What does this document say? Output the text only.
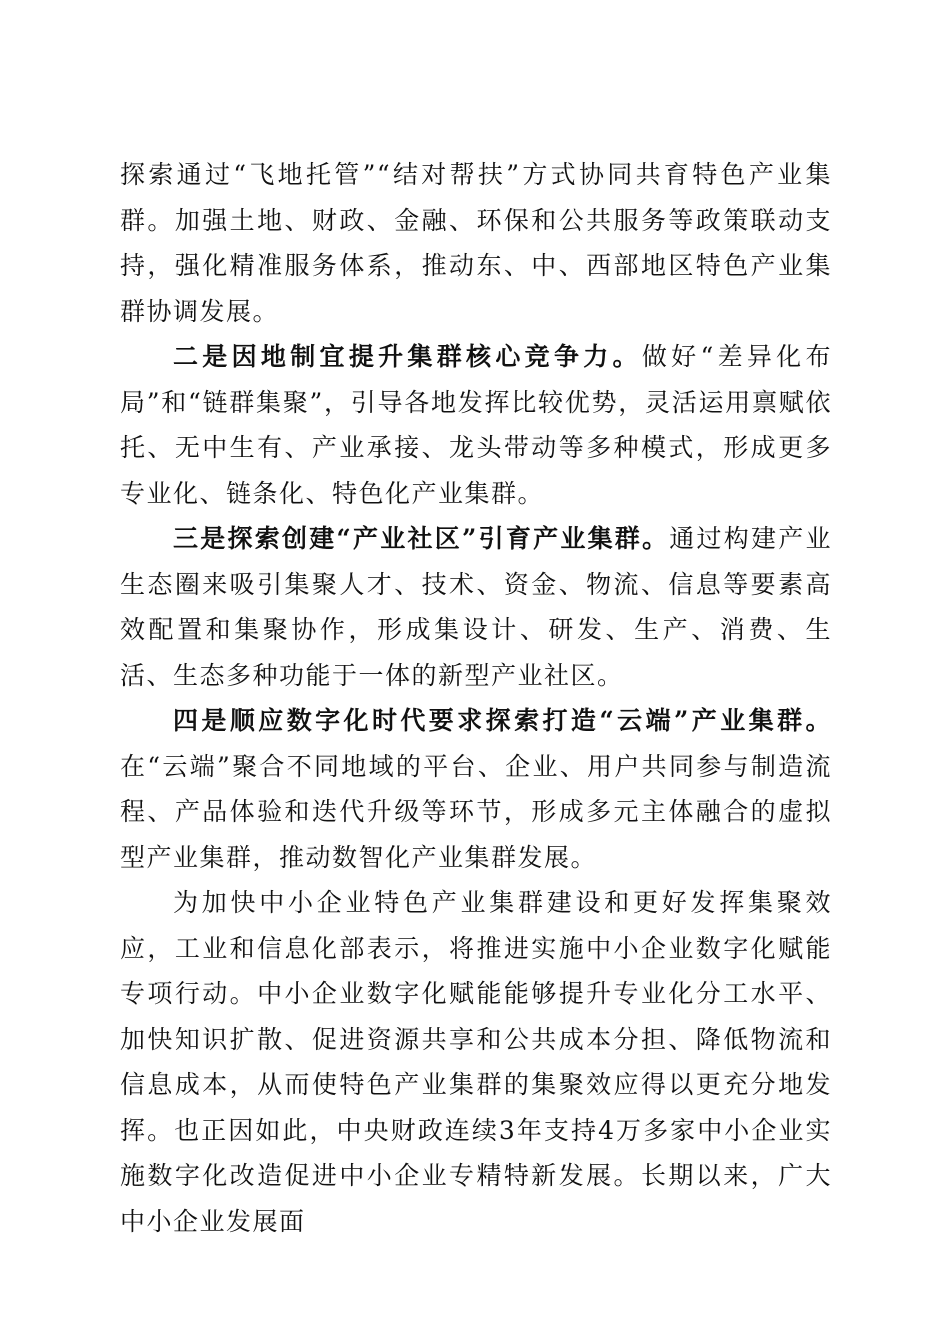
探索通过“飞地托管”“结对帮扶”方式协同共育特色产业集群。加强土地、财政、金融、环保和公共服务等政策联动支持，强化精准服务体系，推动东、中、西部地区特色产业集群协调发展。

二是因地制宜提升集群核心竞争力。做好“差异化布局”和“链群集聚”，引导各地发挥比较优势，灵活运用禀赋依托、无中生有、产业承接、龙头带动等多种模式，形成更多专业化、链条化、特色化产业集群。

三是探索创建“产业社区”引育产业集群。通过构建产业生态圈来吸引集聚人才、技术、资金、物流、信息等要素高效配置和集聚协作，形成集设计、研发、生产、消费、生活、生态多种功能于一体的新型产业社区。

四是顺应数字化时代要求探索打造“云端”产业集群。在“云端”聚合不同地域的平台、企业、用户共同参与制造流程、产品体验和迭代升级等环节，形成多元主体融合的虚拟型产业集群，推动数智化产业集群发展。

为加快中小企业特色产业集群建设和更好发挥集聚效应，工业和信息化部表示，将推进实施中小企业数字化赋能专项行动。中小企业数字化赋能能够提升专业化分工水平、加快知识扩散、促进资源共享和公共成本分担、降低物流和信息成本，从而使特色产业集群的集聚效应得以更充分地发挥。也正因如此，中央财政连续3年支持4万多家中小企业实施数字化改造促进中小企业专精特新发展。长期以来，广大中小企业发展面
